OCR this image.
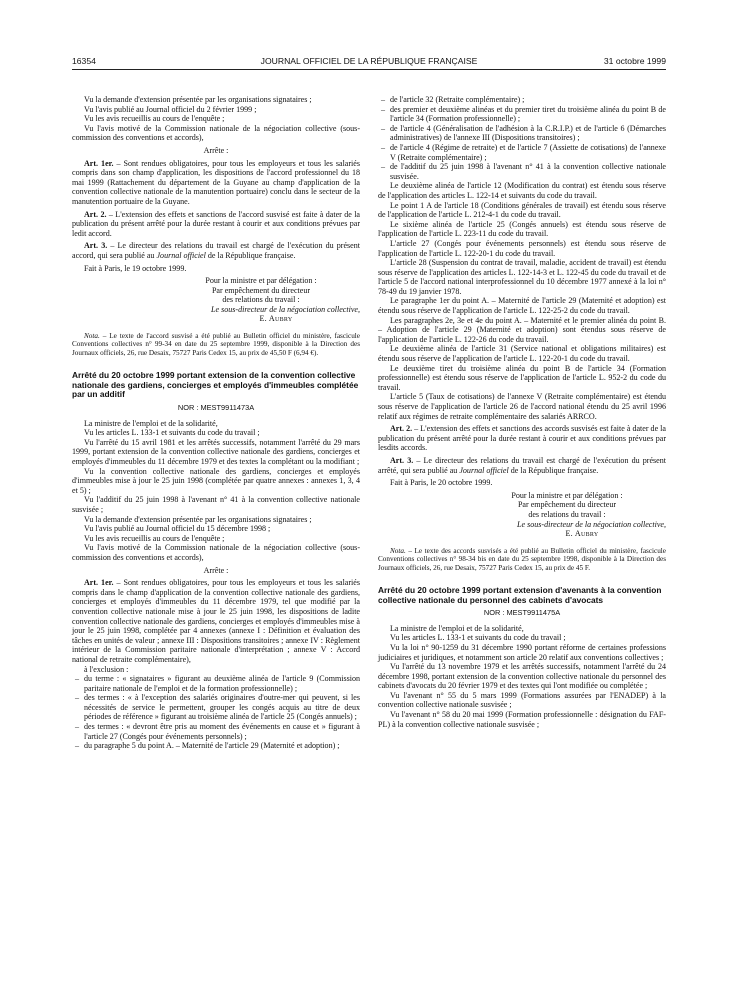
16354	JOURNAL OFFICIEL DE LA RÉPUBLIQUE FRANÇAISE	31 octobre 1999

Vu la demande d'extension présentée par les organisations signataires ;

Vu l'avis publié au Journal officiel du 2 février 1999 ;

Vu les avis recueillis au cours de l'enquête ;

Vu l'avis motivé de la Commission nationale de la négociation collective (sous-commission des conventions et accords),

Arrête :

Art. 1er. – Sont rendues obligatoires, pour tous les employeurs et tous les salariés compris dans son champ d'application, les dispositions de l'accord professionnel du 18 mai 1999 (Rattachement du département de la Guyane au champ d'application de la convention collective nationale de la manutention portuaire) conclu dans le secteur de la manutention portuaire de la Guyane.

Art. 2. – L'extension des effets et sanctions de l'accord susvisé est faite à dater de la publication du présent arrêté pour la durée restant à courir et aux conditions prévues par ledit accord.

Art. 3. – Le directeur des relations du travail est chargé de l'exécution du présent accord, qui sera publié au Journal officiel de la République française.

Fait à Paris, le 19 octobre 1999.

Pour la ministre et par délégation :

Par empêchement du directeur

des relations du travail :

Le sous-directeur de la négociation collective,

E. Aubry

Nota. – Le texte de l'accord susvisé a été publié au Bulletin officiel du ministère, fascicule Conventions collectives n° 99-34 en date du 25 septembre 1999, disponible à la Direction des Journaux officiels, 26, rue Desaix, 75727 Paris Cedex 15, au prix de 45,50 F (6,94 €).

Arrêté du 20 octobre 1999 portant extension de la convention collective nationale des gardiens, concierges et employés d'immeubles complétée par un additif

NOR : MESТ9911473A

La ministre de l'emploi et de la solidarité,

Vu les articles L. 133-1 et suivants du code du travail ;

Vu l'arrêté du 15 avril 1981 et les arrêtés successifs, notamment l'arrêté du 29 mars 1999, portant extension de la convention collective nationale des gardiens, concierges et employés d'immeubles du 11 décembre 1979 et des textes la complétant ou la modifiant ;

Vu la convention collective nationale des gardiens, concierges et employés d'immeubles mise à jour le 25 juin 1998 (complétée par quatre annexes : annexes 1, 3, 4 et 5) ;

Vu l'additif du 25 juin 1998 à l'avenant n° 41 à la convention collective nationale susvisée ;

Vu la demande d'extension présentée par les organisations signataires ;

Vu l'avis publié au Journal officiel du 15 décembre 1998 ;

Vu les avis recueillis au cours de l'enquête ;

Vu l'avis motivé de la Commission nationale de la négociation collective (sous-commission des conventions et accords),

Arrête :

Art. 1er. – Sont rendues obligatoires, pour tous les employeurs et tous les salariés compris dans le champ d'application de la convention collective nationale des gardiens, concierges et employés d'immeubles du 11 décembre 1979, tel que modifié par la convention collective nationale mise à jour le 25 juin 1998, les dispositions de ladite convention collective nationale des gardiens, concierges et employés d'immeubles mise à jour le 25 juin 1998, complétée par 4 annexes (annexe I : Définition et évaluation des tâches en unités de valeur ; annexe III : Dispositions transitoires ; annexe IV : Règlement intérieur de la Commission paritaire nationale d'interprétation ; annexe V : Accord national de retraite complémentaire),

à l'exclusion :

– du terme : « signataires » figurant au deuxième alinéa de l'article 9 (Commission paritaire nationale de l'emploi et de la formation professionnelle) ;
– des termes : « à l'exception des salariés originaires d'outre-mer qui peuvent, si les nécessités de service le permettent, grouper les congés acquis au titre de deux périodes de référence » figurant au troisième alinéa de l'article 25 (Congés annuels) ;
– des termes : « devront être pris au moment des événements en cause et » figurant à l'article 27 (Congés pour événements personnels) ;
– du paragraphe 5 du point A. – Maternité de l'article 29 (Maternité et adoption) ;
– de l'article 32 (Retraite complémentaire) ;
– des premier et deuxième alinéas et du premier tiret du troisième alinéa du point B de l'article 34 (Formation professionnelle) ;
– de l'article 4 (Généralisation de l'adhésion à la C.R.I.P.) et de l'article 6 (Démarches administratives) de l'annexe III (Dispositions transitoires) ;
– de l'article 4 (Régime de retraite) et de l'article 7 (Assiette de cotisations) de l'annexe V (Retraite complémentaire) ;
– de l'additif du 25 juin 1998 à l'avenant n° 41 à la convention collective nationale susvisée.

Le deuxième alinéa de l'article 12 (Modification du contrat) est étendu sous réserve de l'application des articles L. 122-14 et suivants du code du travail.

Le point 1 A de l'article 18 (Conditions générales de travail) est étendu sous réserve de l'application de l'article L. 212-4-1 du code du travail.

Le sixième alinéa de l'article 25 (Congés annuels) est étendu sous réserve de l'application de l'article L. 223-11 du code du travail.

L'article 27 (Congés pour événements personnels) est étendu sous réserve de l'application de l'article L. 122-20-1 du code du travail.

L'article 28 (Suspension du contrat de travail, maladie, accident de travail) est étendu sous réserve de l'application des articles L. 122-14-3 et L. 122-45 du code du travail et de l'article 5 de l'accord national interprofessionnel du 10 décembre 1977 annexé à la loi n° 78-49 du 19 janvier 1978.

Le paragraphe 1er du point A. – Maternité de l'article 29 (Maternité et adoption) est étendu sous réserve de l'application de l'article L. 122-25-2 du code du travail.

Les paragraphes 2e, 3e et 4e du point A. – Maternité et le premier alinéa du point B. – Adoption de l'article 29 (Maternité et adoption) sont étendus sous réserve de l'application de l'article L. 122-26 du code du travail.

Le deuxième alinéa de l'article 31 (Service national et obligations militaires) est étendu sous réserve de l'application de l'article L. 122-20-1 du code du travail.

Le deuxième tiret du troisième alinéa du point B de l'article 34 (Formation professionnelle) est étendu sous réserve de l'application de l'article L. 952-2 du code du travail.

L'article 5 (Taux de cotisations) de l'annexe V (Retraite complémentaire) est étendu sous réserve de l'application de l'article 26 de l'accord national étendu du 25 avril 1996 relatif aux régimes de retraite complémentaire des salariés ARRCO.

Art. 2. – L'extension des effets et sanctions des accords susvisés est faite à dater de la publication du présent arrêté pour la durée restant à courir et aux conditions prévues par lesdits accords.

Art. 3. – Le directeur des relations du travail est chargé de l'exécution du présent arrêté, qui sera publié au Journal officiel de la République française.

Fait à Paris, le 20 octobre 1999.

Pour la ministre et par délégation :

Par empêchement du directeur

des relations du travail :

Le sous-directeur de la négociation collective,

E. Aubry

Nota. – Le texte des accords susvisés a été publié au Bulletin officiel du ministère, fascicule Conventions collectives n° 98-34 bis en date du 25 septembre 1998, disponible à la Direction des Journaux officiels, 26, rue Desaix, 75727 Paris Cedex 15, au prix de 45 F.

Arrêté du 20 octobre 1999 portant extension d'avenants à la convention collective nationale du personnel des cabinets d'avocats

NOR : MEST9911475A

La ministre de l'emploi et de la solidarité,

Vu les articles L. 133-1 et suivants du code du travail ;

Vu la loi n° 90-1259 du 31 décembre 1990 portant réforme de certaines professions judiciaires et juridiques, et notamment son article 20 relatif aux conventions collectives ;

Vu l'arrêté du 13 novembre 1979 et les arrêtés successifs, notamment l'arrêté du 24 décembre 1998, portant extension de la convention collective nationale du personnel des cabinets d'avocats du 20 février 1979 et des textes qui l'ont modifiée ou complétée ;

Vu l'avenant n° 55 du 5 mars 1999 (Formations assurées par l'ENADEP) à la convention collective nationale susvisée ;

Vu l'avenant n° 58 du 20 mai 1999 (Formation professionnelle : désignation du FAF-PL) à la convention collective nationale susvisée ;
